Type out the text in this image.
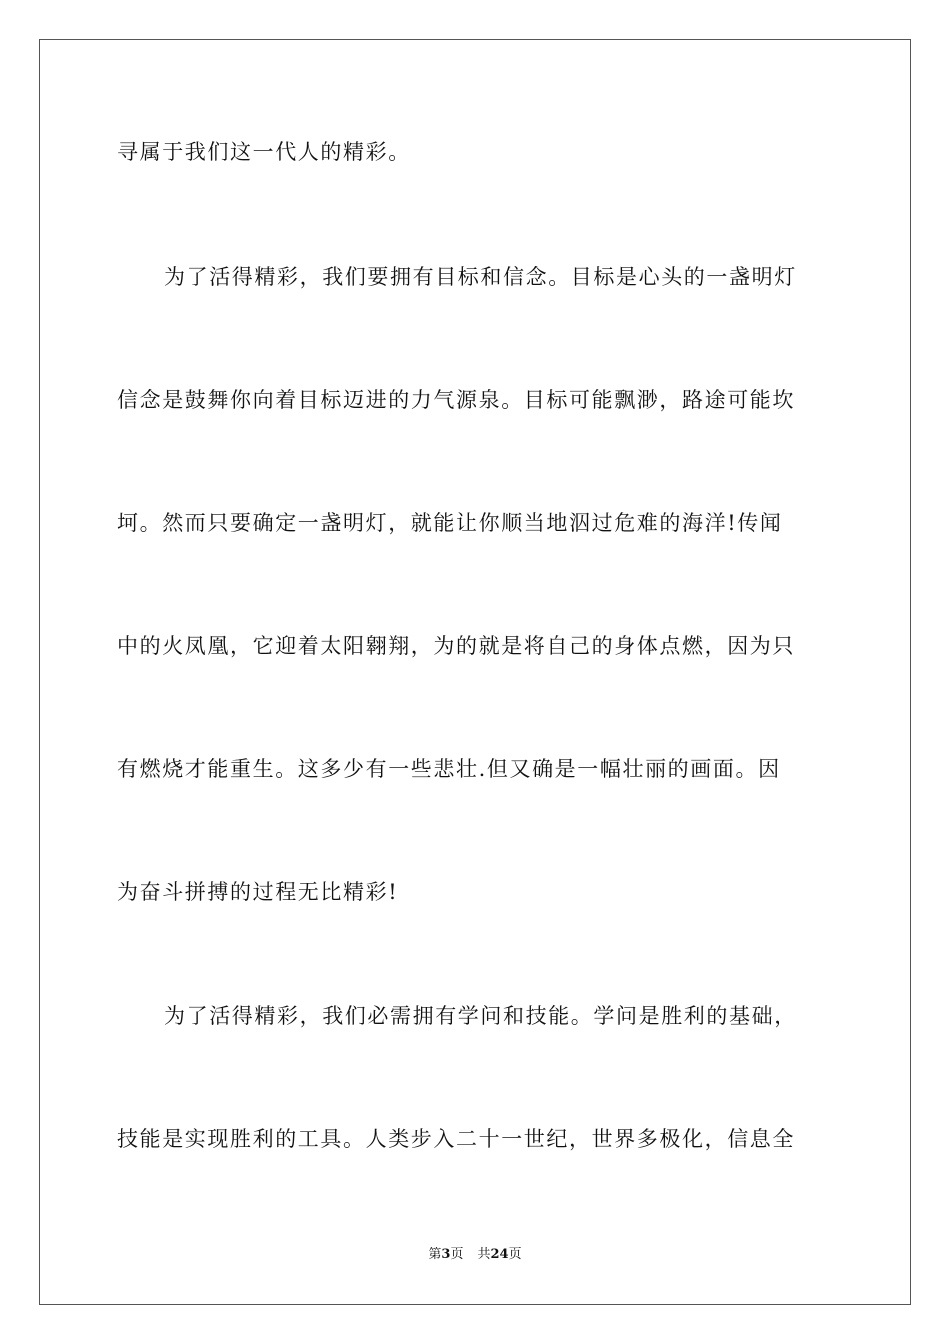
寻属于我们这一代人的精彩。
为了活得精彩，我们要拥有目标和信念。目标是心头的一盏明灯
信念是鼓舞你向着目标迈进的力气源泉。目标可能飘渺，路途可能坎
坷。然而只要确定一盏明灯，就能让你顺当地泅过危难的海洋!传闻
中的火凤凰，它迎着太阳翱翔，为的就是将自己的身体点燃，因为只
有燃烧才能重生。这多少有一些悲壮.但又确是一幅壮丽的画面。因
为奋斗拼搏的过程无比精彩!
为了活得精彩，我们必需拥有学问和技能。学问是胜利的基础，
技能是实现胜利的工具。人类步入二十一世纪，世界多极化，信息全
第3页 共24页
